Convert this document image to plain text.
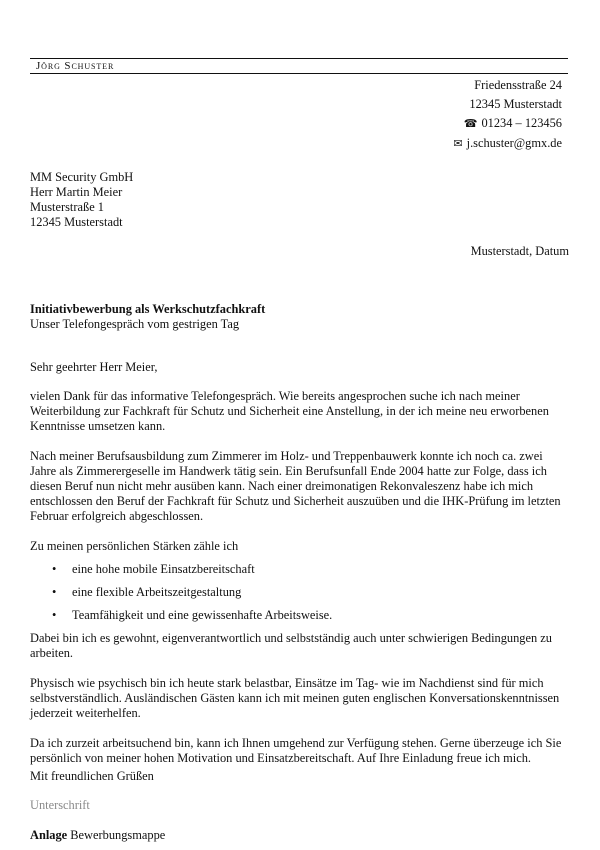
Jörg Schuster
Friedensstraße 24
12345 Musterstadt
☎ 01234 – 123456
✉ j.schuster@gmx.de
MM Security GmbH
Herr Martin Meier
Musterstraße 1
12345 Musterstadt
Musterstadt, Datum
Initiativbewerbung als Werkschutzfachkraft
Unser Telefongespräch vom gestrigen Tag

Sehr geehrter Herr Meier,

vielen Dank für das informative Telefongespräch. Wie bereits angesprochen suche ich nach meiner Weiterbildung zur Fachkraft für Schutz und Sicherheit eine Anstellung, in der ich meine neu erworbenen Kenntnisse umsetzen kann.

Nach meiner Berufsausbildung zum Zimmerer im Holz- und Treppenbauwerk konnte ich noch ca. zwei Jahre als Zimmerergeselle im Handwerk tätig sein. Ein Berufsunfall Ende 2004 hatte zur Folge, dass ich diesen Beruf nun nicht mehr ausüben kann. Nach einer dreimonatigen Rekonvaleszenz habe ich mich entschlossen den Beruf der Fachkraft für Schutz und Sicherheit auszuüben und die IHK-Prüfung im letzten Februar erfolgreich abgeschlossen.

Zu meinen persönlichen Stärken zähle ich

• eine hohe mobile Einsatzbereitschaft
• eine flexible Arbeitszeitgestaltung
• Teamfähigkeit und eine gewissenhafte Arbeitsweise.

Dabei bin ich es gewohnt, eigenverantwortlich und selbstständig auch unter schwierigen Bedingungen zu arbeiten.

Physisch wie psychisch bin ich heute stark belastbar, Einsätze im Tag- wie im Nachdienst sind für mich selbstverständlich. Ausländischen Gästen kann ich mit meinen guten englischen Konversationskenntnissen jederzeit weiterhelfen.

Da ich zurzeit arbeitsuchend bin, kann ich Ihnen umgehend zur Verfügung stehen. Gerne überzeuge ich Sie persönlich von meiner hohen Motivation und Einsatzbereitschaft. Auf Ihre Einladung freue ich mich.

Mit freundlichen Grüßen
Unterschrift
Anlage Bewerbungsmappe
